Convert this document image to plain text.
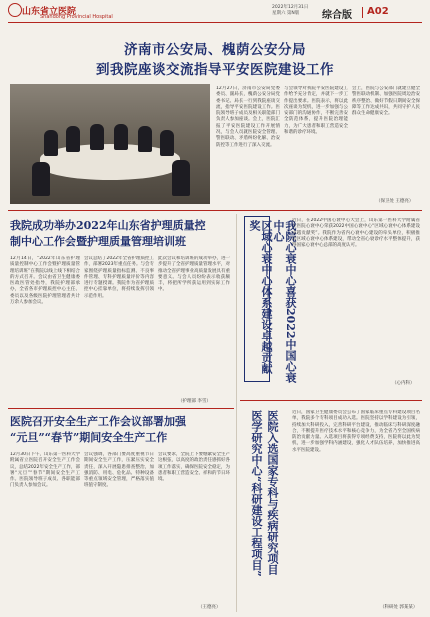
山东省立医院
Shandong Provincial Hospital
2022年12月31日
星期六 第N版	综合版 A02
济南市公安局、槐荫公安分局
到我院座谈交流指导平安医院建设工作
12月27日，济南市公安局党委委员、副局长，槐荫公安分局党委书记、局长一行到我院座谈交流，指导平安医院建设工作。医院领导班子成员及相关职能部门负责人参加座谈。会上，医院汇报了平安医院建设工作开展情况，与会人员就医院安全管理、警医联动、矛盾纠纷化解、治安防控等工作进行了深入交流。
与会领导对我院平安医院建设工作给予充分肯定，并就下一步工作提出要求。医院表示，将以此次座谈为契机，进一步加强与公安部门的沟通协作，不断完善安全防范体系，提升医院治理能力，为广大患者和职工营造安全和谐的诊疗环境。
会上，医院与公安部门就建立健全警医联动机制、加强医院周边治安秩序整治、做好节假日期间安全保障等工作达成共识，共同守护人民群众生命健康安全。
（保卫处 王德亮）
我院成功举办2022年山东省护理质量控
制中心工作会暨护理质量管理培训班
12月14日，“2022年山东省护理质量控制中心工作会暨护理质量管理培训班”在我院以线上线下相结合的方式召开。会议由省卫生健康委医政医管处指导，我院护理部承办，全省各市护理质控中心主任、委员以及各级医院护理管理者共计万余人参加会议。
会议总结了2022年全省护理质控工作，部署2023年重点任务。与会专家围绕护理质量指标监测、不良事件管理、专科护理质量评价等内容进行专题授课。我院作为省护理质控中心挂靠单位，将持续发挥引领示范作用。
此次会议和培训班的成功举办，进一步提升了全省护理质量管理水平，对推动全省护理事业高质量发展具有重要意义。与会人员纷纷表示收获颇丰，将把所学所获运用到实际工作中。
（护理部 李雪）
医院召开安全生产工作会议部署加强
“元旦”“春节”期间安全生产工作
12月30日下午，山东第一医科大学附属省立医院召开安全生产工作会议，总结2022年安全生产工作，部署“元旦”“春节”期间安全生产工作。医院领导班子成员、各职能部门负责人参加会议。
会议强调，各部门要高度重视节日期间安全生产工作，压紧压实安全责任，深入开展隐患排查整治，加强消防、用电、危化品、特种设备等重点领域安全管理，严格落实值班值守制度。
会议要求，全院上下要绷紧安全生产这根弦，以高度的政治责任感抓好各项工作落实，确保医院安全稳定，为患者和职工营造安全、祥和的节日环境。
（王德亮）
区域心衰中心体系建设卓越贡献奖	我院心衰中心喜获2022中国心衰中心	近日，在2022中国心衰中心大会上，山东第一医科大学附属省立医院心衰中心荣获2022中国心衰中心“区域心衰中心体系建设卓越贡献奖”。我院作为省内心衰中心建设的牵头单位，积极推动区域心衰中心体系建设，带动全省心衰诊疗水平整体提升，获得国家心衰中心总部的高度认可。
（心内科）
医学研究中心“科研建设工程项目” 医院入选国家专科与疾病研究项目	近日，国家卫生健康委员会公布了国家临床重点专科建设项目名单，我院多个专科项目成功入选。医院坚持以学科建设为引领，持续加大科研投入，完善科研平台建设，推动临床与科研深度融合，不断提升医疗技术水平和核心竞争力，为全省乃至全国疾病防治贡献力量。入选项目将获得专项经费支持，医院将以此为契机，进一步加强学科内涵建设，强化人才队伍培养，加快推进高水平医院建设。
（科研处 郭某某）
